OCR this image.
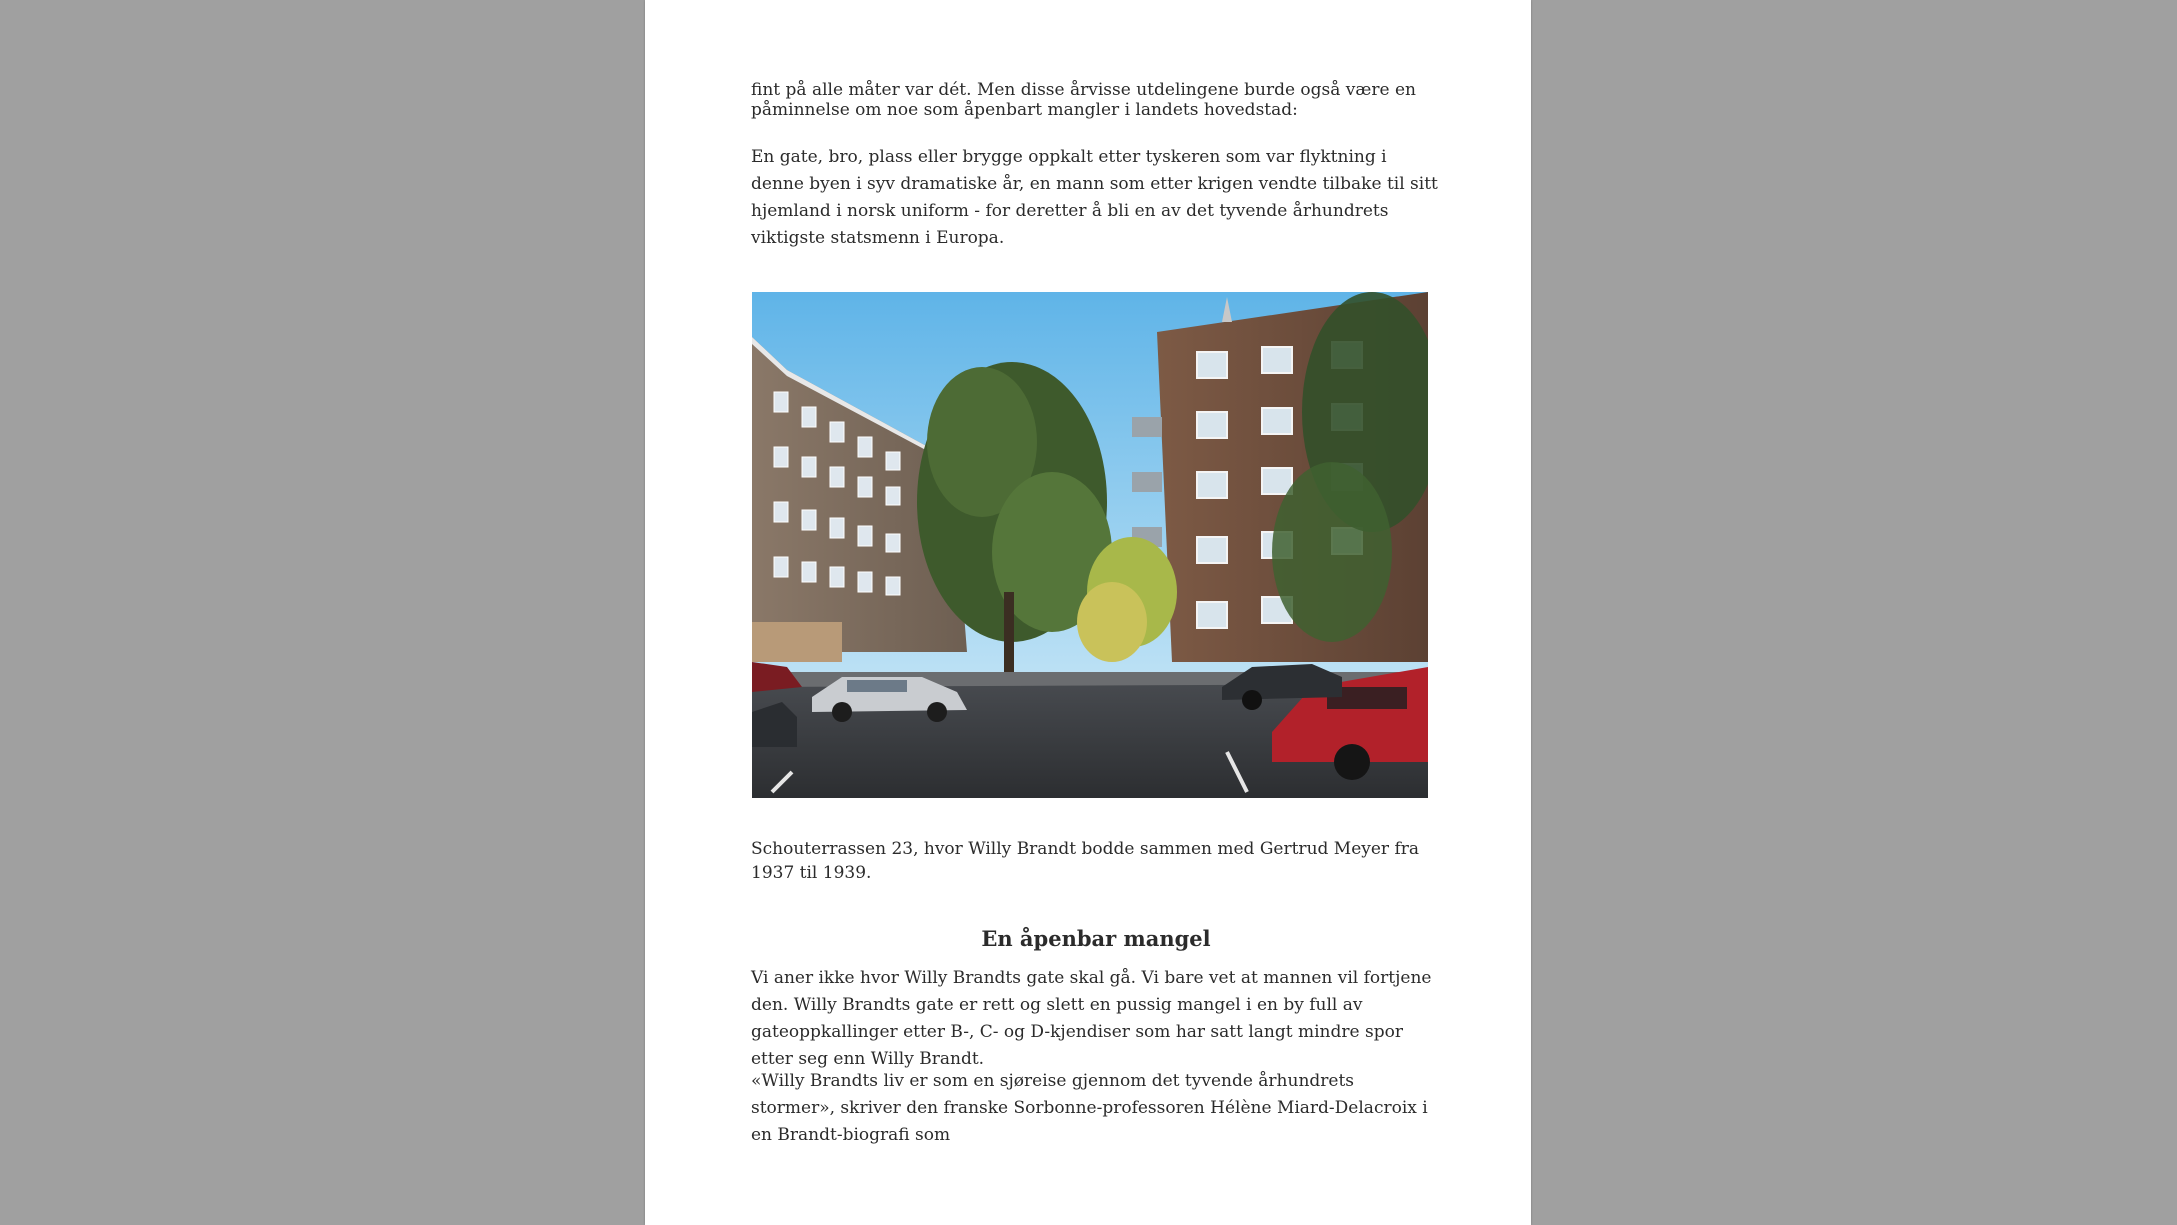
fint på alle måter var dét. Men disse årvisse utdelingene burde også være en påminnelse om noe som åpenbart mangler i landets hovedstad:

En gate, bro, plass eller brygge oppkalt etter tyskeren som var flyktning i denne byen i syv dramatiske år, en mann som etter krigen vendte tilbake til sitt hjemland i norsk uniform - for deretter å bli en av det tyvende århundrets viktigste statsmenn i Europa.

Schouterrassen 23, hvor Willy Brandt bodde sammen med Gertrud Meyer fra 1937 til 1939.

En åpenbar mangel

Vi aner ikke hvor Willy Brandts gate skal gå. Vi bare vet at mannen vil fortjene den. Willy Brandts gate er rett og slett en pussig mangel i en by full av gateoppkallinger etter B-, C- og D-kjendiser som har satt langt mindre spor etter seg enn Willy Brandt.

«Willy Brandts liv er som en sjøreise gjennom det tyvende århundrets stormer», skriver den franske Sorbonne-professoren Hélène Miard-Delacroix i en Brandt-biografi som
